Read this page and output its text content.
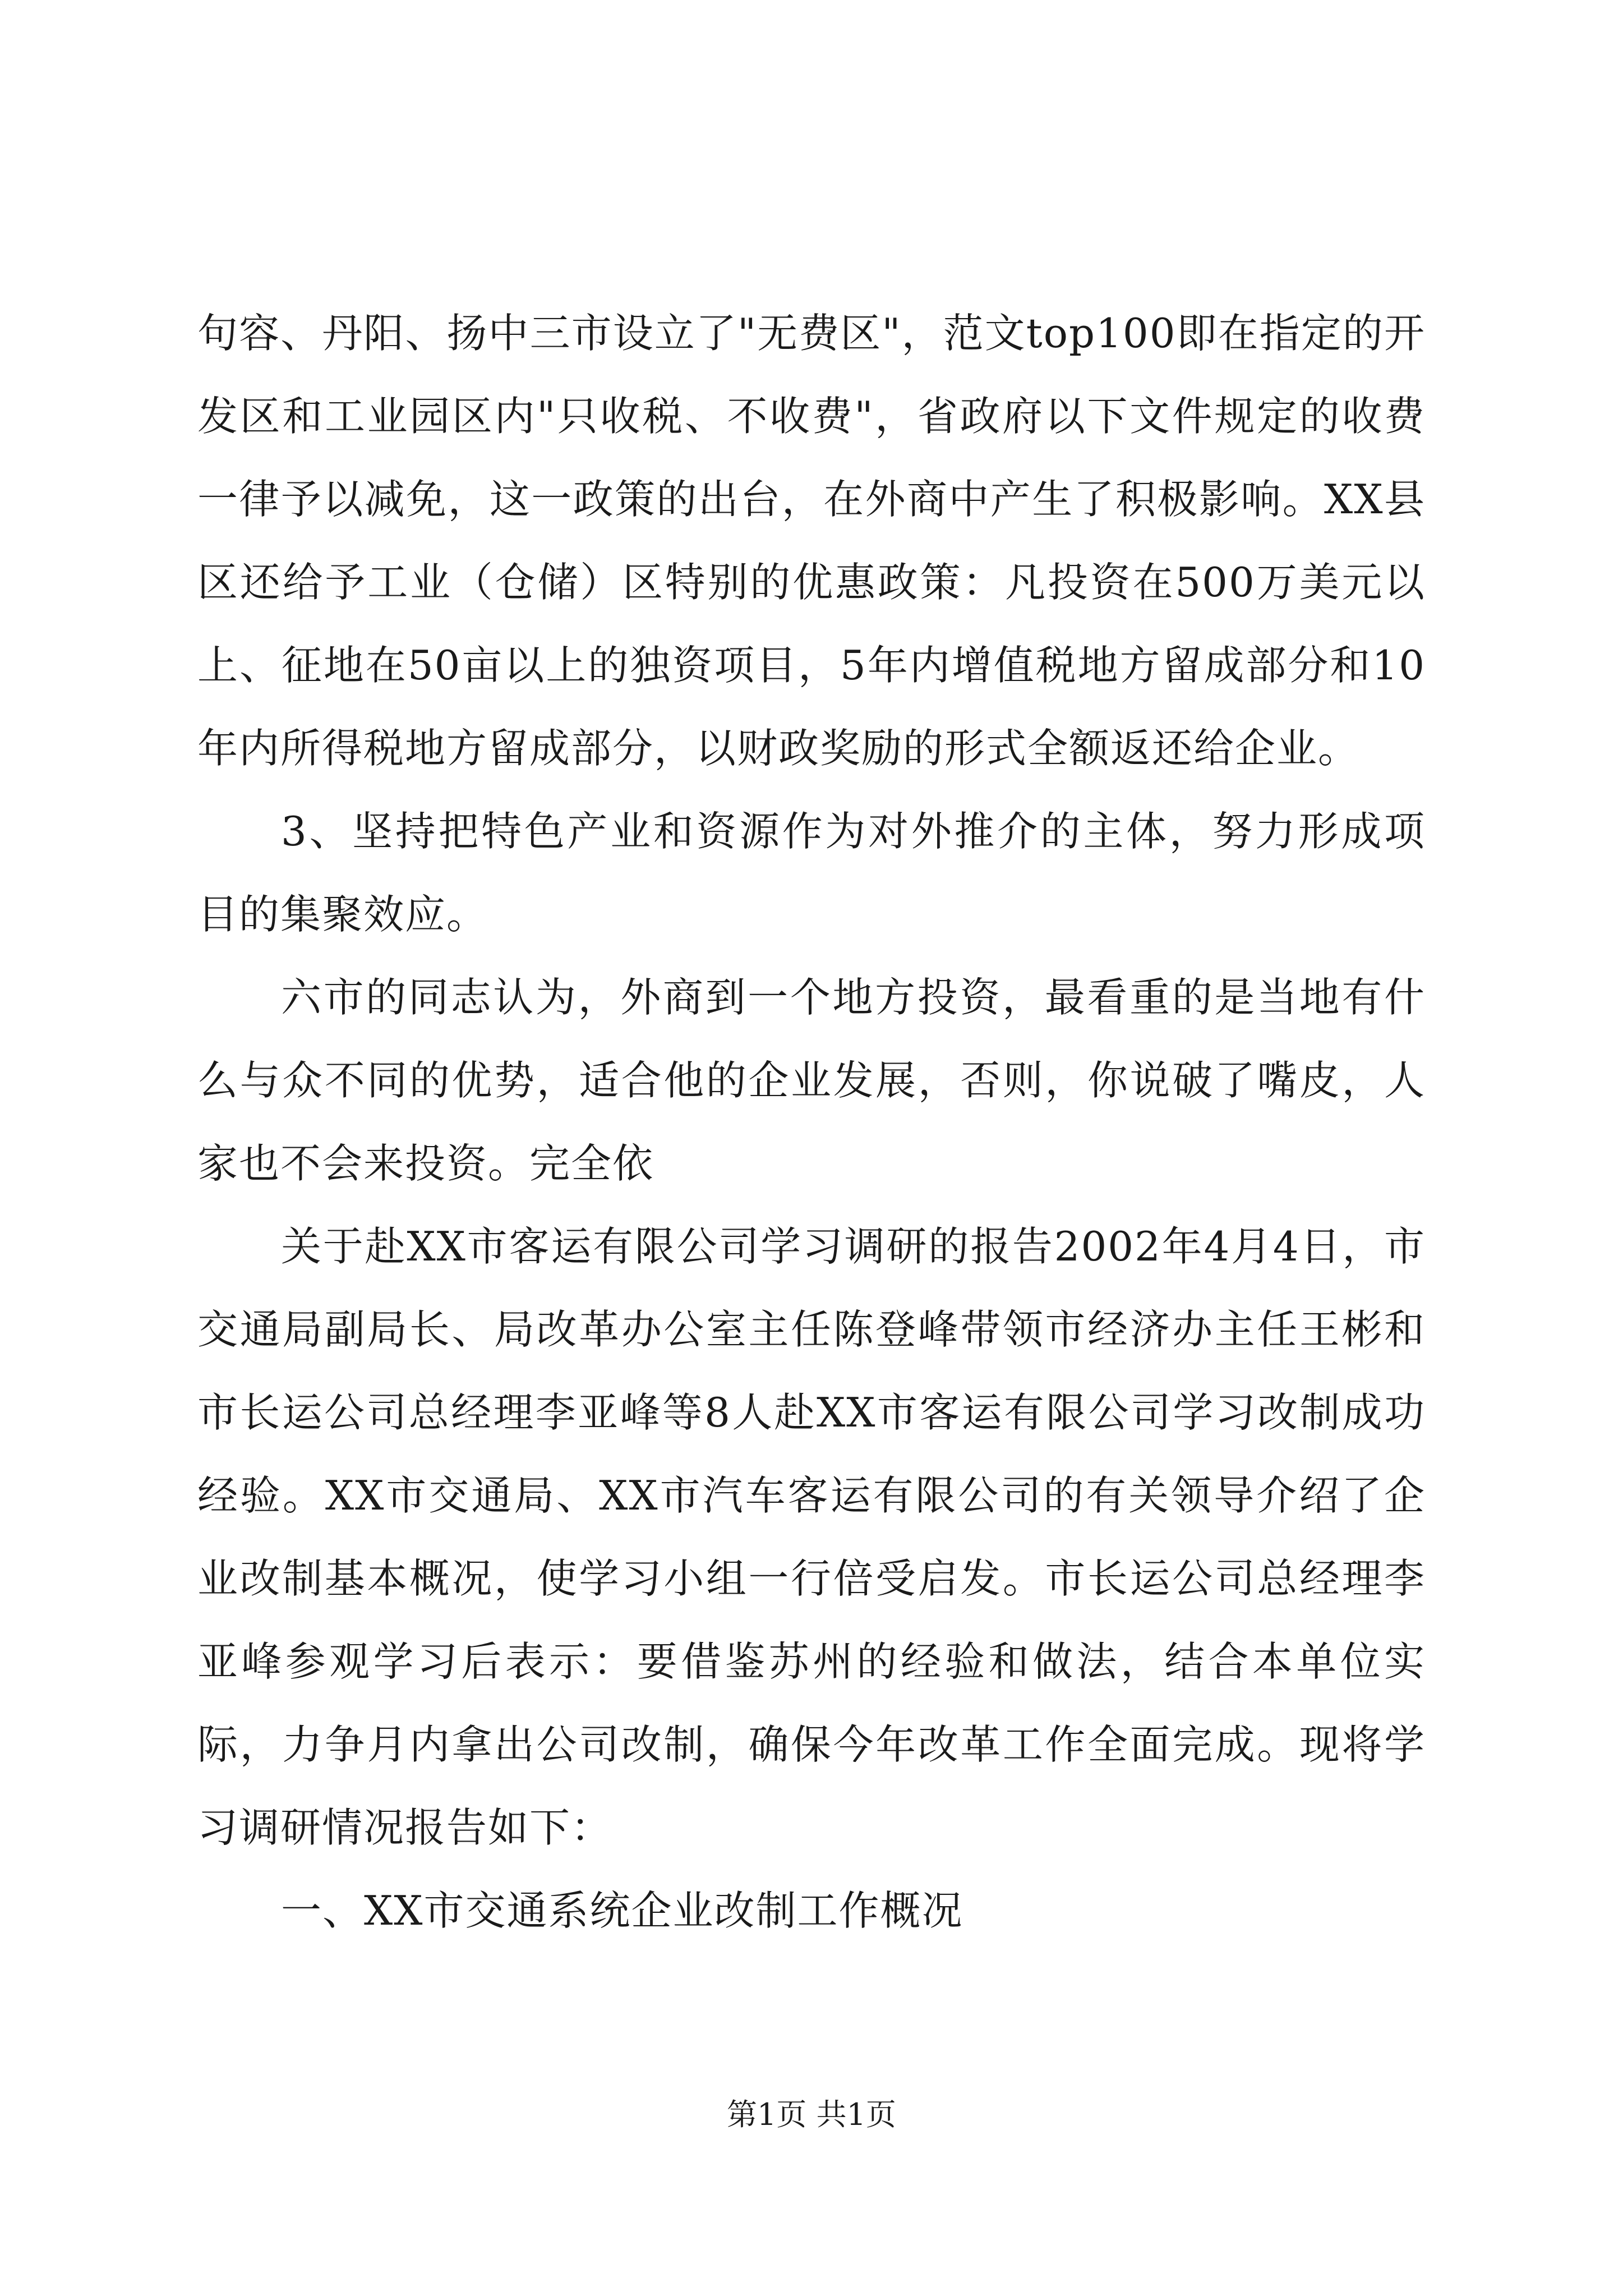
句容、丹阳、扬中三市设立了"无费区"，范文top100即在指定的开发区和工业园区内"只收税、不收费"，省政府以下文件规定的收费一律予以减免，这一政策的出台，在外商中产生了积极影响。XX县区还给予工业（仓储）区特别的优惠政策：凡投资在500万美元以上、征地在50亩以上的独资项目，5年内增值税地方留成部分和10年内所得税地方留成部分，以财政奖励的形式全额返还给企业。

3、坚持把特色产业和资源作为对外推介的主体，努力形成项目的集聚效应。

六市的同志认为，外商到一个地方投资，最看重的是当地有什么与众不同的优势，适合他的企业发展，否则，你说破了嘴皮，人家也不会来投资。完全依

关于赴XX市客运有限公司学习调研的报告2002年4月4日，市交通局副局长、局改革办公室主任陈登峰带领市经济办主任王彬和市长运公司总经理李亚峰等8人赴XX市客运有限公司学习改制成功经验。XX市交通局、XX市汽车客运有限公司的有关领导介绍了企业改制基本概况，使学习小组一行倍受启发。市长运公司总经理李亚峰参观学习后表示：要借鉴苏州的经验和做法，结合本单位实际，力争月内拿出公司改制，确保今年改革工作全面完成。现将学习调研情况报告如下：

一、XX市交通系统企业改制工作概况

第1页 共1页
